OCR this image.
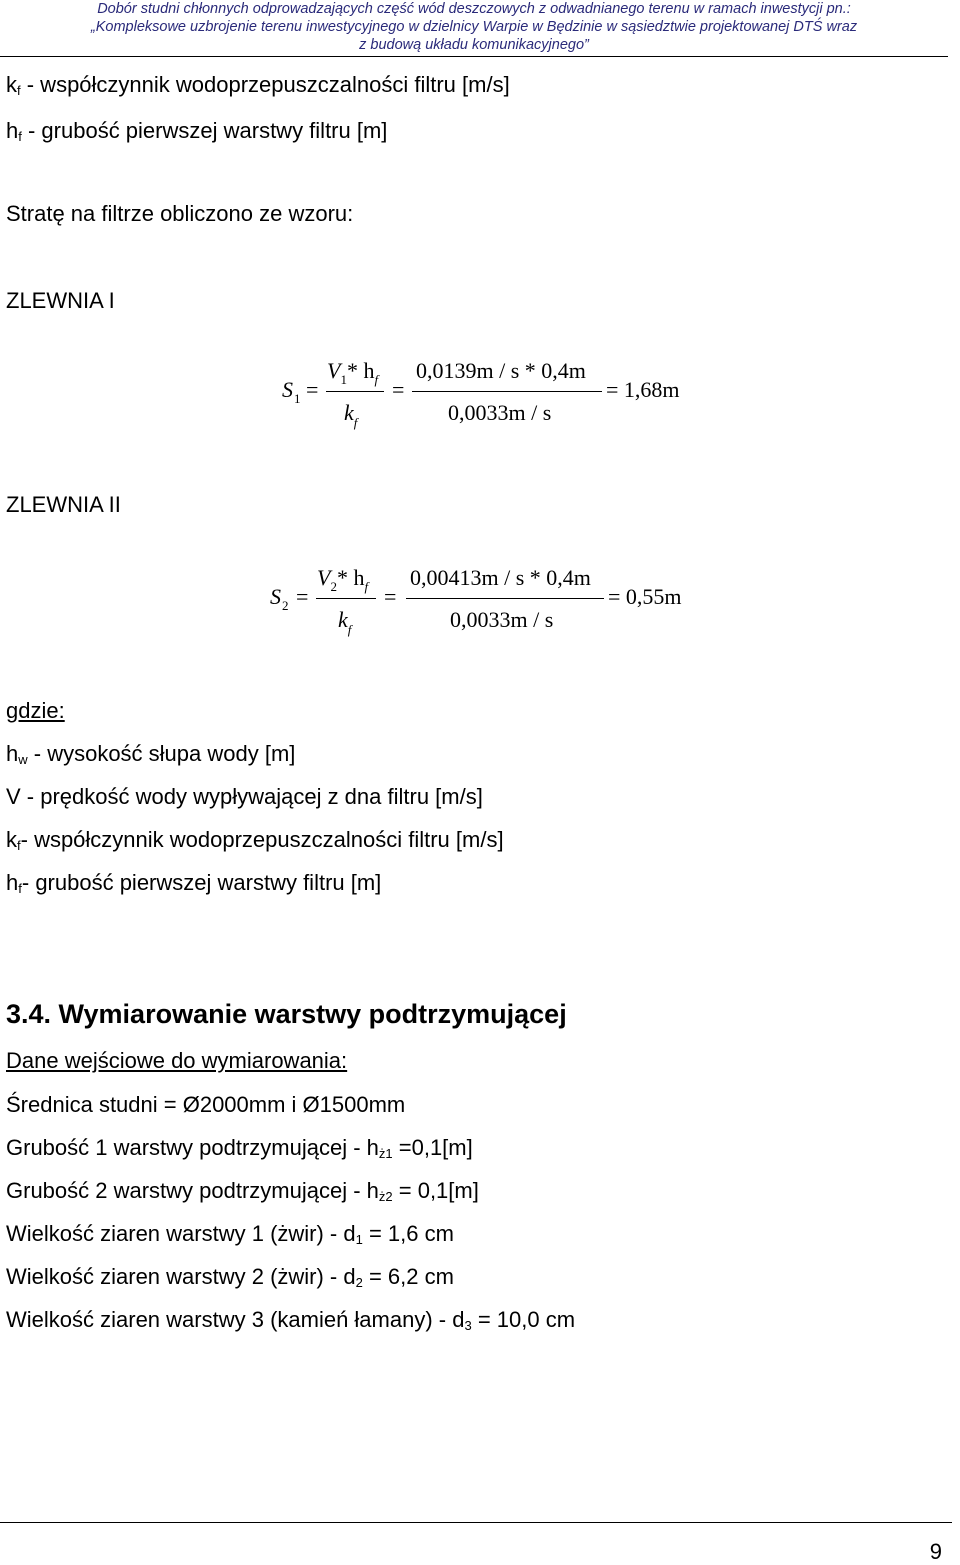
Dobór studni chłonnych odprowadzających część wód deszczowych z odwadnianego terenu w ramach inwestycji pn.:
„Kompleksowe uzbrojenie terenu inwestycyjnego w dzielnicy Warpie w Będzinie w sąsiedztwie projektowanej DTŚ wraz
z budową układu komunikacyjnego”
$k_f$ - współczynnik wodoprzepuszczalności filtru [m/s]
$h_f$ - grubość pierwszej warstwy filtru [m]
Stratę na filtrze obliczono ze wzoru:
ZLEWNIA I
$S_1$ =
$V_1*$ $h_f$
$k_f$
=
0,0139m / s * 0,4m
0,0033m / s
= 1,68m
ZLEWNIA II
$S_2$ =
$V_2*$ $h_f$
$k_f$
=
0,00413m / s * 0,4m
0,0033m / s
= 0,55m
gdzie:
$h_w$ - wysokość słupa wody [m]
V - prędkość wody wypływającej z dna filtru [m/s]
$k_f-$ współczynnik wodoprzepuszczalności filtru [m/s]
$h_f-$ grubość pierwszej warstwy filtru [m]
3.4. Wymiarowanie warstwy podtrzymującej
Dane wejściowe do wymiarowania:
Średnica studni = Ø2000mm i Ø1500mm
Grubość 1 warstwy podtrzymującej - $h_{ż1} =0,1[m]$
Grubość 2 warstwy podtrzymującej - $h_{ż2} = 0,1[m]$
Wielkość ziaren warstwy 1 (żwir) - $d_1 = 1,6$ cm
Wielkość ziaren warstwy 2 (żwir) - $d_2 = 6,2$ cm
Wielkość ziaren warstwy 3 (kamień łamany) - $d_3 = 10,0$ cm
9
